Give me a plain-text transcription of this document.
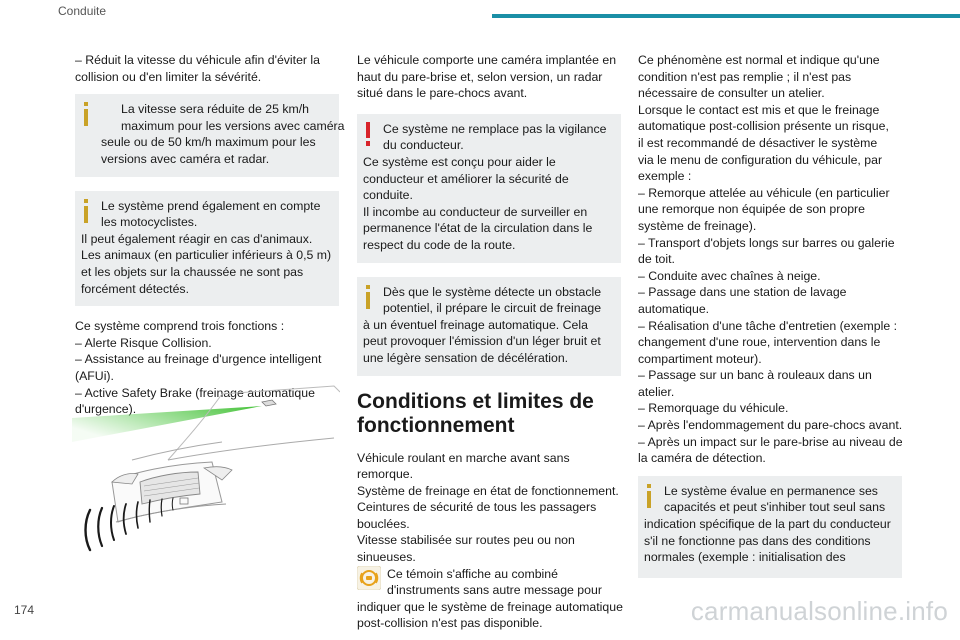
Conduite

– Réduit la vitesse du véhicule afin d'éviter la
collision ou d'en limiter la sévérité.

La vitesse sera réduite de 25 km/h
maximum pour les versions avec caméra
seule ou de 50 km/h maximum pour les
versions avec caméra et radar.
Le système prend également en compte
les motocyclistes.
Il peut également réagir en cas d'animaux.
Les animaux (en particulier inférieurs à 0,5 m)
et les objets sur la chaussée ne sont pas
forcément détectés.

Ce système comprend trois fonctions :
– Alerte Risque Collision.
– Assistance au freinage d'urgence intelligent
(AFUi).
– Active Safety Brake (freinage automatique
d'urgence).

Le véhicule comporte une caméra implantée en
haut du pare-brise et, selon version, un radar
situé dans le pare-chocs avant.

Ce système ne remplace pas la vigilance
du conducteur.
Ce système est conçu pour aider le
conducteur et améliorer la sécurité de
conduite.
Il incombe au conducteur de surveiller en
permanence l'état de la circulation dans le
respect du code de la route.
Dès que le système détecte un obstacle
potentiel, il prépare le circuit de freinage
à un éventuel freinage automatique. Cela
peut provoquer l'émission d'un léger bruit et
une légère sensation de décélération.
Conditions et limites de
fonctionnement

Véhicule roulant en marche avant sans
remorque.
Système de freinage en état de fonctionnement.
Ceintures de sécurité de tous les passagers
bouclées.
Vitesse stabilisée sur routes peu ou non
sinueuses.

Ce témoin s'affiche au combiné
d'instruments sans autre message pour
indiquer que le système de freinage automatique
post-collision n'est pas disponible.

Ce phénomène est normal et indique qu'une
condition n'est pas remplie ; il n'est pas
nécessaire de consulter un atelier.
Lorsque le contact est mis et que le freinage
automatique post-collision présente un risque,
il est recommandé de désactiver le système
via le menu de configuration du véhicule, par
exemple :
– Remorque attelée au véhicule (en particulier
une remorque non équipée de son propre
système de freinage).
– Transport d'objets longs sur barres ou galerie
de toit.
– Conduite avec chaînes à neige.
– Passage dans une station de lavage
automatique.
– Réalisation d'une tâche d'entretien (exemple :
changement d'une roue, intervention dans le
compartiment moteur).
– Passage sur un banc à rouleaux dans un
atelier.
– Remorquage du véhicule.
– Après l'endommagement du pare-chocs avant.
– Après un impact sur le pare-brise au niveau de
la caméra de détection.

Le système évalue en permanence ses
capacités et peut s'inhiber tout seul sans
indication spécifique de la part du conducteur
s'il ne fonctionne pas dans des conditions
normales (exemple : initialisation des
174	carmanualsonline.info
